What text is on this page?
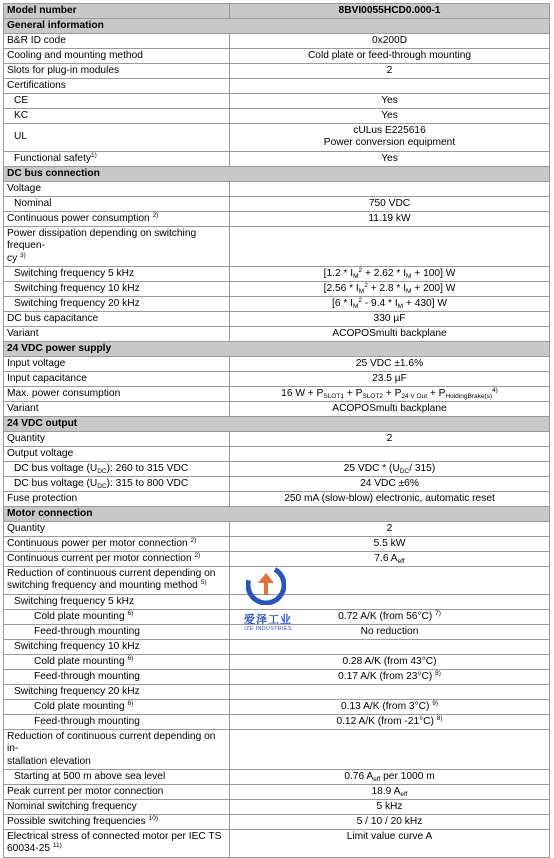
Model number	8BVI0055HCD0.000-1
General information	
B&R ID code	0x200D
Cooling and mounting method	Cold plate or feed-through mounting
Slots for plug-in modules	2
Certifications	
CE	Yes
KC	Yes
UL	cULus E225616
Power conversion equipment
Functional safety$^{1)}$	Yes
DC bus connection	
Voltage	
Nominal	750 VDC
Continuous power consumption $^{2)}$	11.19 kW
Power dissipation depending on switching frequen-
cy $^{3)}$	
Switching frequency 5 kHz	$[1.2 * I_M^2 + 2.62 * I_M + 100]$ W
Switching frequency 10 kHz	$[2.56 * I_M^2 + 2.8 * I_M + 200]$ W
Switching frequency 20 kHz	$[6 * I_M^2 - 9.4 * I_M + 430]$ W
DC bus capacitance	330 µF
Variant	ACOPOSmulti backplane
24 VDC power supply	
Input voltage	25 VDC ±1.6%
Input capacitance	23.5 µF
Max. power consumption	16 $W + P_{SLOT1} + P_{SLOT2} + P_{24 V Out} + P_{HoldingBrake(s)}^{4)}$
Variant	ACOPOSmulti backplane
24 VDC output	
Quantity	2
Output voltage	
DC bus voltage $(U_{DC})$: 260 to 315 VDC	25 VDC * ($U_{DC}/$ 315)
DC bus voltage $(U_{DC})$: 315 to 800 VDC	24 VDC ±6%
Fuse protection	250 mA (slow-blow) electronic, automatic reset
Motor connection	
Quantity	2
Continuous power per motor connection $^{2)}$	5.5 kW
Continuous current per motor connection $^{2)}$	7.6 $A_{eff}$
Reduction of continuous current depending on
switching frequency and mounting method $^{5)}$	
Switching frequency 5 kHz	
Cold plate mounting $^{6)}$	0.72 A/K (from 56°C) $^{7)}$
Feed-through mounting	No reduction
Switching frequency 10 kHz	
Cold plate mounting $^{6)}$	0.28 A/K (from 43°C)
Feed-through mounting	0.17 A/K (from 23°C) $^{8)}$
Switching frequency 20 kHz	
Cold plate mounting $^{6)}$	0.13 A/K (from 3°C) $^{9)}$
Feed-through mounting	0.12 A/K (from -21°C) $^{8)}$
Reduction of continuous current depending on in-
stallation elevation	
Starting at 500 m above sea level	0.76 $A_{eff}$ per 1000 m
Peak current per motor connection	18.9 $A_{eff}$
Nominal switching frequency	5 kHz
Possible switching frequencies $^{10)}$	5 / 10 / 20 kHz
Electrical stress of connected motor per IEC TS
60034-25 $^{11)}$	Limit value curve A
爱泽工业
IZE INDUSTRIES
